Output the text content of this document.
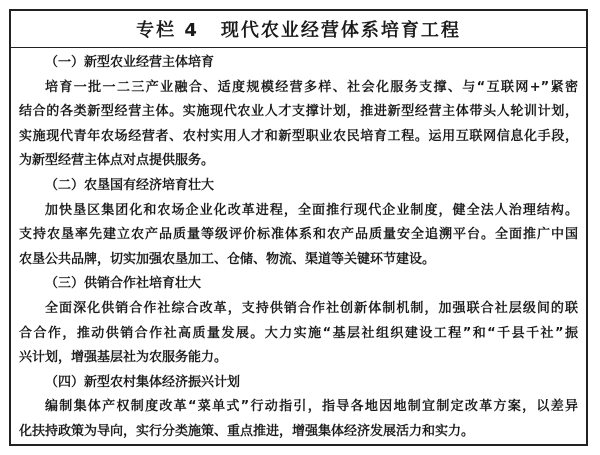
专栏 4 现代农业经营体系培育工程
（一）新型农业经营主体培育
培育一批一二三产业融合、适度规模经营多样、社会化服务支撑、与“互联网+”紧密
结合的各类新型经营主体。实施现代农业人才支撑计划，推进新型经营主体带头人轮训计划，
实施现代青年农场经营者、农村实用人才和新型职业农民培育工程。运用互联网信息化手段，
为新型经营主体点对点提供服务。
（二）农垦国有经济培育壮大
加快垦区集团化和农场企业化改革进程，全面推行现代企业制度，健全法人治理结构。
支持农垦率先建立农产品质量等级评价标准体系和农产品质量安全追溯平台。全面推广中国
农垦公共品牌，切实加强农垦加工、仓储、物流、渠道等关键环节建设。
（三）供销合作社培育壮大
全面深化供销合作社综合改革，支持供销合作社创新体制机制，加强联合社层级间的联
合合作，推动供销合作社高质量发展。大力实施“基层社组织建设工程”和“千县千社”振
兴计划，增强基层社为农服务能力。
（四）新型农村集体经济振兴计划
编制集体产权制度改革“菜单式”行动指引，指导各地因地制宜制定改革方案，以差异
化扶持政策为导向，实行分类施策、重点推进，增强集体经济发展活力和实力。
